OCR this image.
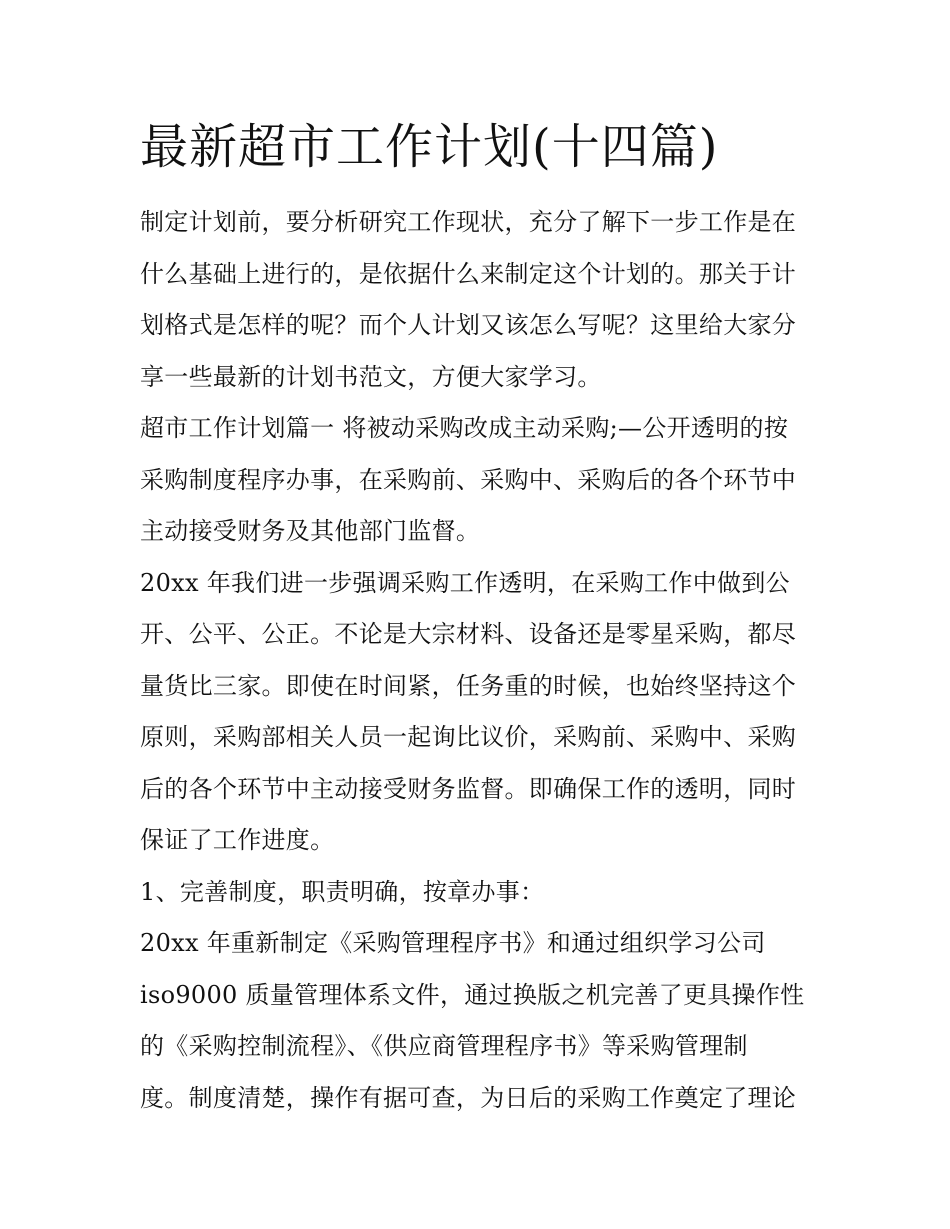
最新超市工作计划(十四篇)
制定计划前，要分析研究工作现状，充分了解下一步工作是在
什么基础上进行的，是依据什么来制定这个计划的。那关于计
划格式是怎样的呢？而个人计划又该怎么写呢？这里给大家分
享一些最新的计划书范文，方便大家学习。
超市工作计划篇一 将被动采购改成主动采购;—公开透明的按
采购制度程序办事，在采购前、采购中、采购后的各个环节中
主动接受财务及其他部门监督。
20xx 年我们进一步强调采购工作透明，在采购工作中做到公
开、公平、公正。不论是大宗材料、设备还是零星采购，都尽
量货比三家。即使在时间紧，任务重的时候，也始终坚持这个
原则，采购部相关人员一起询比议价，采购前、采购中、采购
后的各个环节中主动接受财务监督。即确保工作的透明，同时
保证了工作进度。
1、完善制度，职责明确，按章办事：
20xx 年重新制定《采购管理程序书》和通过组织学习公司
iso9000 质量管理体系文件，通过换版之机完善了更具操作性
的《采购控制流程》、《供应商管理程序书》等采购管理制
度。制度清楚，操作有据可查，为日后的采购工作奠定了理论
